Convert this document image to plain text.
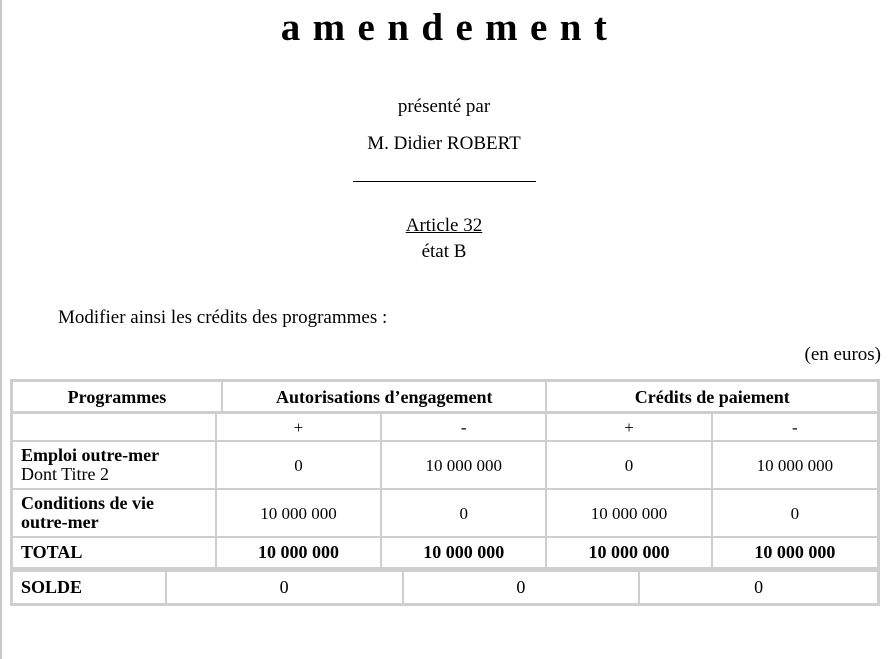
amendement
présenté par
M. Didier ROBERT
Article 32
état B
Modifier ainsi les crédits des programmes :
(en euros)
Programmes	Autorisations d’engagement	Crédits de paiement
	+	-	+	-

Emploi outre-mer
Dont Titre 2	0	10 000 000	0	10 000 000

Conditions de vie
outre-mer	10 000 000	0	10 000 000	0
TOTAL	10 000 000	10 000 000	10 000 000	10 000 000
SOLDE	0	0	0
